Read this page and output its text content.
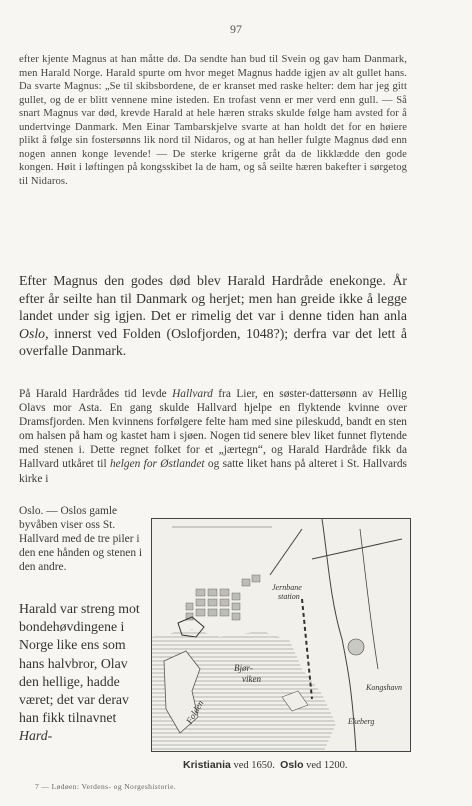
97

efter kjente Magnus at han måtte dø. Da sendte han bud til Svein og gav ham Danmark, men Harald Norge. Harald spurte om hvor meget Magnus hadde igjen av alt gullet hans. Da svarte Magnus: „Se til skibsbordene, de er kranset med raske helter: dem har jeg gitt gullet, og de er blitt vennene mine isteden. En trofast venn er mer verd enn gull. — Så snart Magnus var død, krevde Harald at hele hæren straks skulde følge ham avsted for å undertvinge Danmark. Men Einar Tambarskjelve svarte at han holdt det for en høiere plikt å følge sin fostersønns lik nord til Nidaros, og at han heller fulgte Magnus død enn nogen annen konge levende! — De sterke krigerne gråt da de likklædde den gode kongen. Høit i løftingen på kongsskibet la de ham, og så seilte hæren bakefter i sørgetog til Nidaros.

Efter Magnus den godes død blev Harald Hardråde enekonge. År efter år seilte han til Danmark og herjet; men han greide ikke å legge landet under sig igjen. Det er rimelig det var i denne tiden han anla Oslo, innerst ved Folden (Oslofjorden, 1048?); derfra var det lett å overfalle Danmark.

På Harald Hardrådes tid levde Hallvard fra Lier, en søster-dattersønn av Hellig Olavs mor Asta. En gang skulde Hallvard hjelpe en flyktende kvinne over Dramsfjorden. Men kvinnens forfølgere felte ham med sine pileskudd, bandt en sten om halsen på ham og kastet ham i sjøen. Nogen tid senere blev liket funnet flytende med stenen i. Dette regnet folket for et „jærtegn“, og Harald Hardråde fikk da Hallvard utkåret til helgen for Østlandet og satte liket hans på alteret i St. Hallvards kirke i

Oslo. — Oslos gamle byvåben viser oss St. Hallvard med de tre piler i den ene hånden og stenen i den andre.

Harald var streng mot bondehøvdingene i Norge like ens som hans halvbror, Olav den hellige, hadde været; det var derav han fikk tilnavnet Hard-

Jernbane
station
Bjør-
viken
Kongshavn
Ekeberg
Folden
Kristiania ved 1650. Oslo ved 1200.
7 — Lødøen: Verdens- og Norgeshistorie.
